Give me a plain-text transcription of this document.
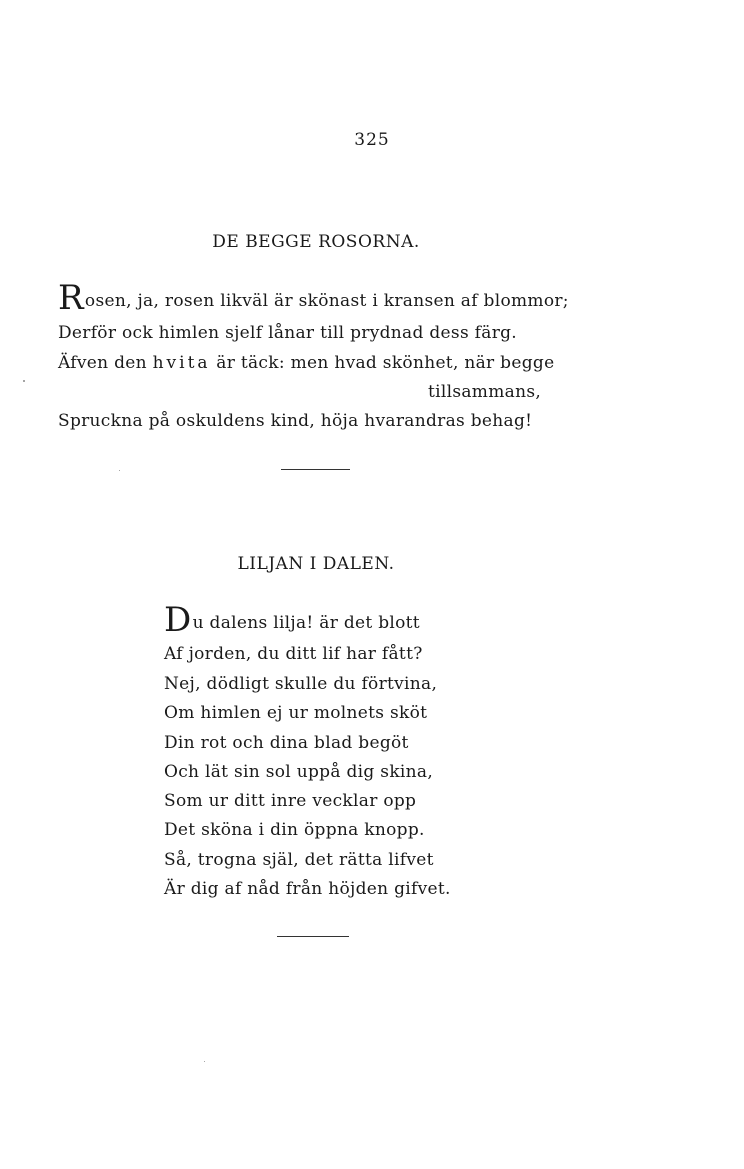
325
DE BEGGE ROSORNA.
Rosen, ja, rosen likväl är skönast i kransen af blommor;
Derför ock himlen sjelf lånar till prydnad dess färg.
Äfven den hvita är täck: men hvad skönhet, när begge
tillsammans,
Spruckna på oskuldens kind, höja hvarandras behag!
LILJAN I DALEN.
Du dalens lilja! är det blott
Af jorden, du ditt lif har fått?
Nej, dödligt skulle du förtvina,
Om himlen ej ur molnets sköt
Din rot och dina blad begöt
Och lät sin sol uppå dig skina,
Som ur ditt inre vecklar opp
Det sköna i din öppna knopp.
Så, trogna själ, det rätta lifvet
Är dig af nåd från höjden gifvet.
